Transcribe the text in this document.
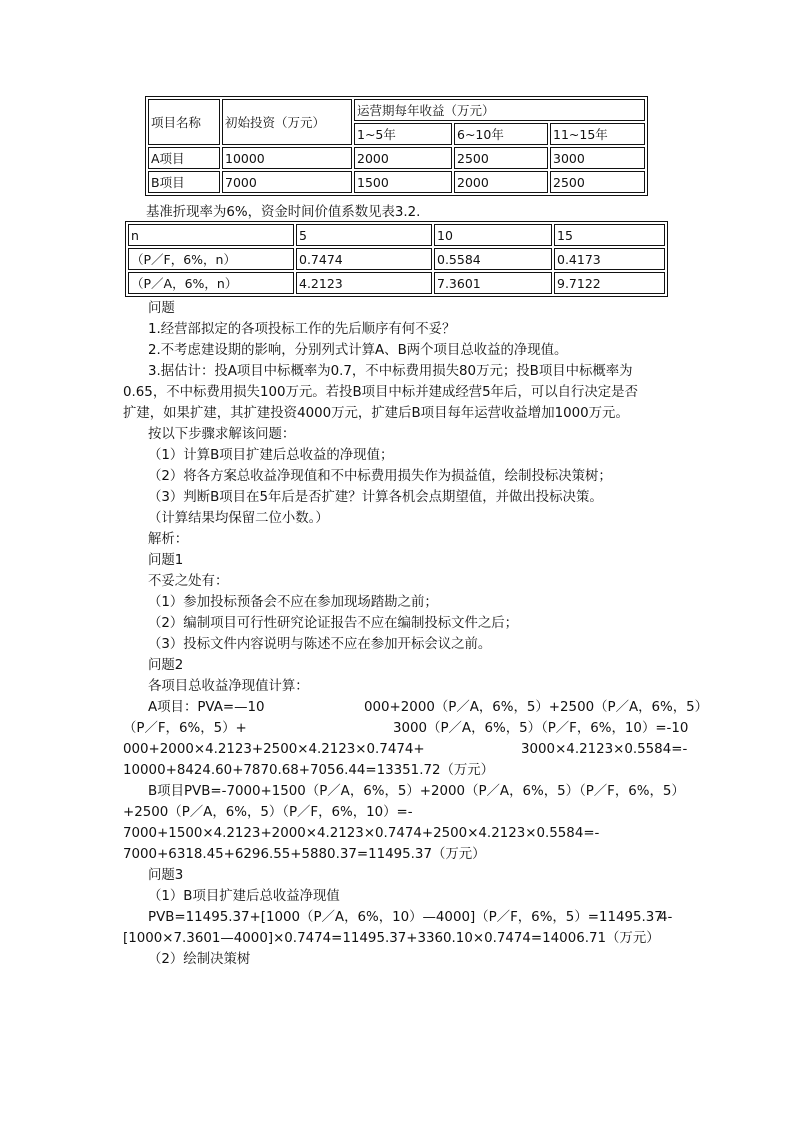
项目名称	初始投资（万元）	运营期每年收益（万元）		
		1~5年	6~10年	11~15年
A项目	10000	2000	2500	3000
B项目	7000	1500	2000	2500
基准折现率为6%，资金时间价值系数见表3.2.
n	5	10	15
（P／F，6%，n）	0.7474	0.5584	0.4173
（P／A，6%，n）	4.2123	7.3601	9.7122
问题
1.经营部拟定的各项投标工作的先后顺序有何不妥？
2.不考虑建设期的影响，分别列式计算A、B两个项目总收益的净现值。
3.据估计：投A项目中标概率为0.7，不中标费用损失80万元；投B项目中标概率为
0.65，不中标费用损失100万元。若投B项目中标并建成经营5年后，可以自行决定是否
扩建，如果扩建，其扩建投资4000万元，扩建后B项目每年运营收益增加1000万元。
按以下步骤求解该问题：
（1）计算B项目扩建后总收益的净现值；
（2）将各方案总收益净现值和不中标费用损失作为损益值，绘制投标决策树；
（3）判断B项目在5年后是否扩建？计算各机会点期望值，并做出投标决策。
（计算结果均保留二位小数。）
解析：
问题1
不妥之处有：
（1）参加投标预备会不应在参加现场踏勘之前；
（2）编制项目可行性研究论证报告不应在编制投标文件之后；
（3）投标文件内容说明与陈述不应在参加开标会议之前。
问题2
各项目总收益净现值计算：
A项目：PVA=—10	000+2000（P／A，6%，5）+2500（P／A，6%，5）
（P／F，6%，5）+	3000（P／A，6%，5）（P／F，6%，10）=-10
000+2000×4.2123+2500×4.2123×0.7474+	3000×4.2123×0.5584=-
10000+8424.60+7870.68+7056.44=13351.72（万元）
B项目PVB=-7000+1500（P／A，6%，5）+2000（P／A，6%，5）（P／F，6%，5）
+2500（P／A，6%，5）（P／F，6%，10）=-
7000+1500×4.2123+2000×4.2123×0.7474+2500×4.2123×0.5584=-
7000+6318.45+6296.55+5880.37=11495.37（万元）
问题3
（1）B项目扩建后总收益净现值
PVB=11495.37+[1000（P／A，6%，10）—4000]（P／F，6%，5）=11495.37
4-
[1000×7.3601—4000]×0.7474=11495.37+3360.10×0.7474=14006.71（万元）
（2）绘制决策树
